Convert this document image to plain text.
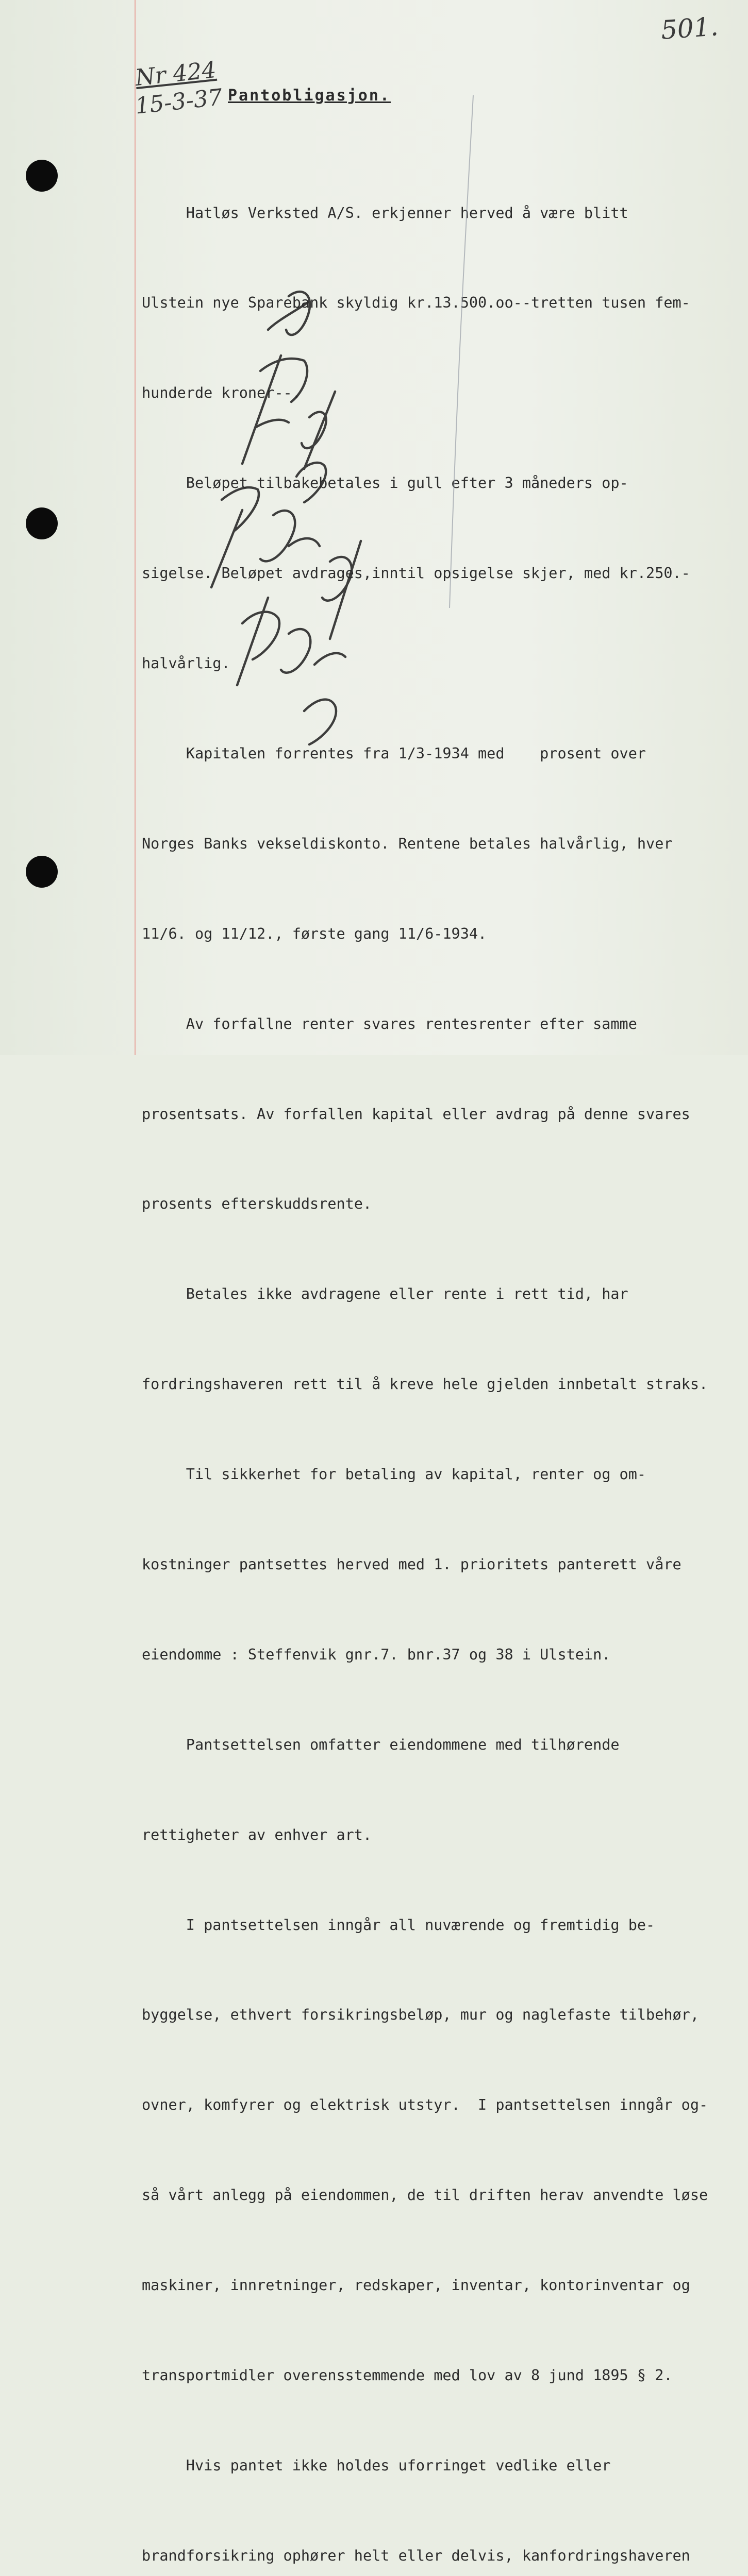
501.
Nr 424
15-3-37 Pantobligasjon.

Hatløs Verksted A/S. erkjenner herved å være blitt

Ulstein nye Sparebank skyldig kr.13.500.oo--tretten tusen fem-

hunderde kroner--.

Beløpet tilbakebetales i gull efter 3 måneders op-

sigelse. Beløpet avdrages,inntil opsigelse skjer, med kr.250.-

halvårlig.

Kapitalen forrentes fra 1/3-1934 med    prosent over

Norges Banks vekseldiskonto. Rentene betales halvårlig, hver

11/6. og 11/12., første gang 11/6-1934.

Av forfallne renter svares rentesrenter efter samme

prosentsats. Av forfallen kapital eller avdrag på denne svares

prosents efterskuddsrente.

Betales ikke avdragene eller rente i rett tid, har

fordringshaveren rett til å kreve hele gjelden innbetalt straks.

Til sikkerhet for betaling av kapital, renter og om-

kostninger pantsettes herved med 1. prioritets panterett våre

eiendomme : Steffenvik gnr.7. bnr.37 og 38 i Ulstein.

Pantsettelsen omfatter eiendommene med tilhørende

rettigheter av enhver art.

I pantsettelsen inngår all nuværende og fremtidig be-

byggelse, ethvert forsikringsbeløp, mur og naglefaste tilbehør,

ovner, komfyrer og elektrisk utstyr.  I pantsettelsen inngår og-

så vårt anlegg på eiendommen, de til driften herav anvendte løse

maskiner, innretninger, redskaper, inventar, kontorinventar og

transportmidler overensstemmende med lov av 8 jund 1895 § 2.

Hvis pantet ikke holdes uforringet vedlike eller

brandforsikring ophører helt eller delvis, kanfordringshaveren
